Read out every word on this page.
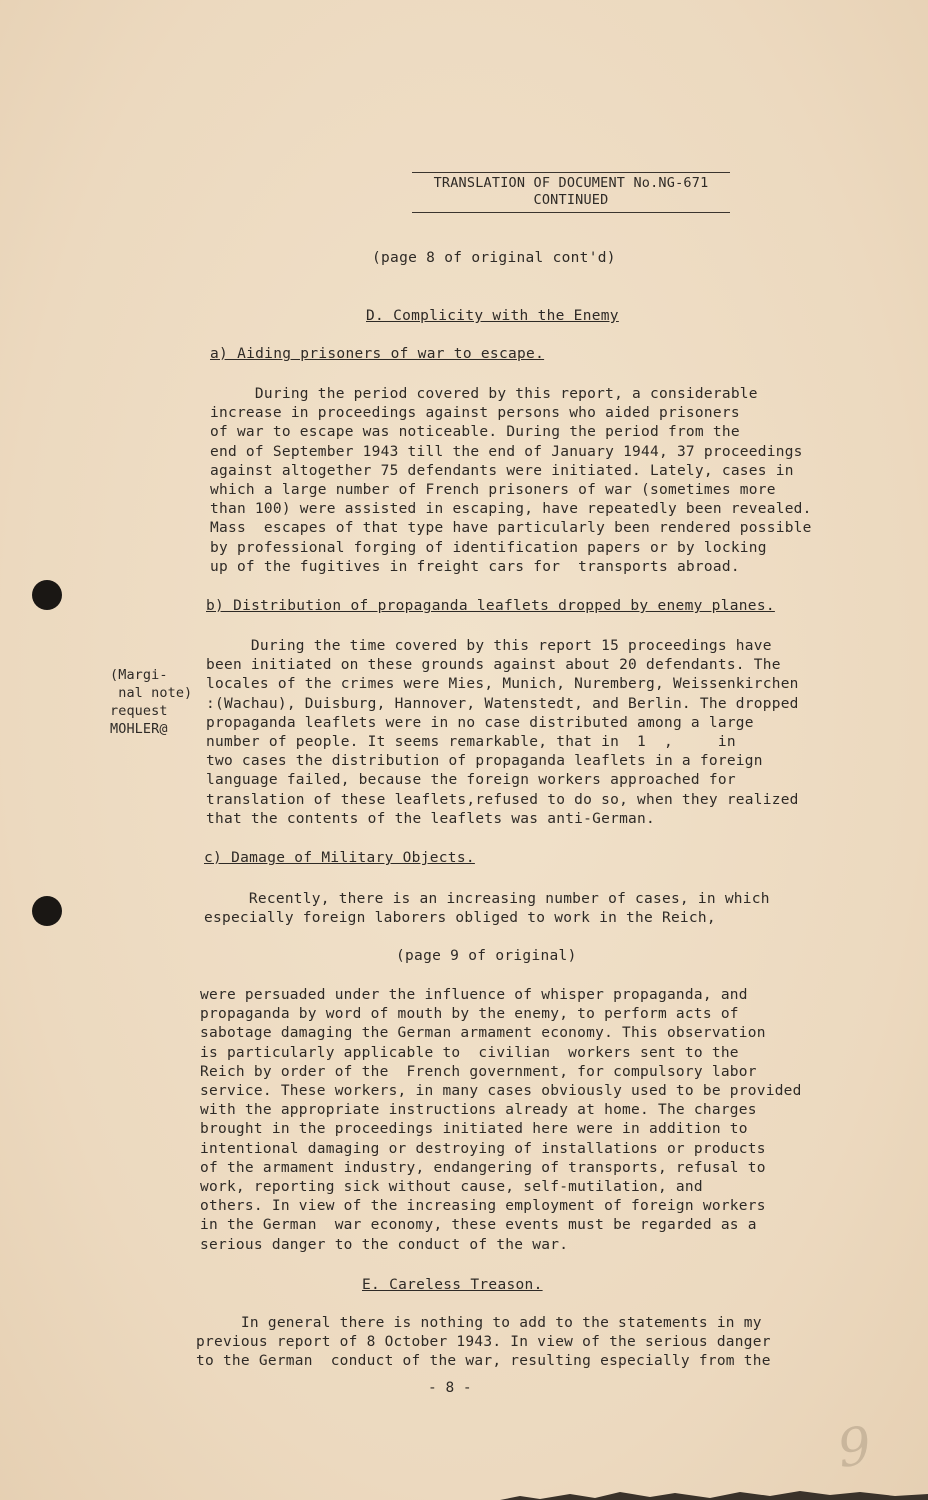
TRANSLATION OF DOCUMENT No.NG-671
CONTINUED
(page 8 of original cont'd)
D. Complicity with the Enemy
a) Aiding prisoners of war to escape.
During the period covered by this report, a considerable
increase in proceedings against persons who aided prisoners
of war to escape was noticeable. During the period from the
end of September 1943 till the end of January 1944, 37 proceedings
against altogether 75 defendants were initiated. Lately, cases in
which a large number of French prisoners of war (sometimes more
than 100) were assisted in escaping, have repeatedly been revealed.
Mass  escapes of that type have particularly been rendered possible
by professional forging of identification papers or by locking
up of the fugitives in freight cars for  transports abroad.
b) Distribution of propaganda leaflets dropped by enemy planes.
During the time covered by this report 15 proceedings have
been initiated on these grounds against about 20 defendants. The
locales of the crimes were Mies, Munich, Nuremberg, Weissenkirchen
:(Wachau), Duisburg, Hannover, Watenstedt, and Berlin. The dropped
propaganda leaflets were in no case distributed among a large
number of people. It seems remarkable, that in  1  ,     in
two cases the distribution of propaganda leaflets in a foreign
language failed, because the foreign workers approached for
translation of these leaflets,refused to do so, when they realized
that the contents of the leaflets was anti-German.
(Margi-
nal note)
request
MOHLER@
c) Damage of Military Objects.
Recently, there is an increasing number of cases, in which
especially foreign laborers obliged to work in the Reich,
(page 9 of original)
were persuaded under the influence of whisper propaganda, and
propaganda by word of mouth by the enemy, to perform acts of
sabotage damaging the German armament economy. This observation
is particularly applicable to  civilian  workers sent to the
Reich by order of the  French government, for compulsory labor
service. These workers, in many cases obviously used to be provided
with the appropriate instructions already at home. The charges
brought in the proceedings initiated here were in addition to
intentional damaging or destroying of installations or products
of the armament industry, endangering of transports, refusal to
work, reporting sick without cause, self-mutilation, and
others. In view of the increasing employment of foreign workers
in the German  war economy, these events must be regarded as a
serious danger to the conduct of the war.
E. Careless Treason.
In general there is nothing to add to the statements in my
previous report of 8 October 1943. In view of the serious danger
to the German  conduct of the war, resulting especially from the
- 8 -
9
